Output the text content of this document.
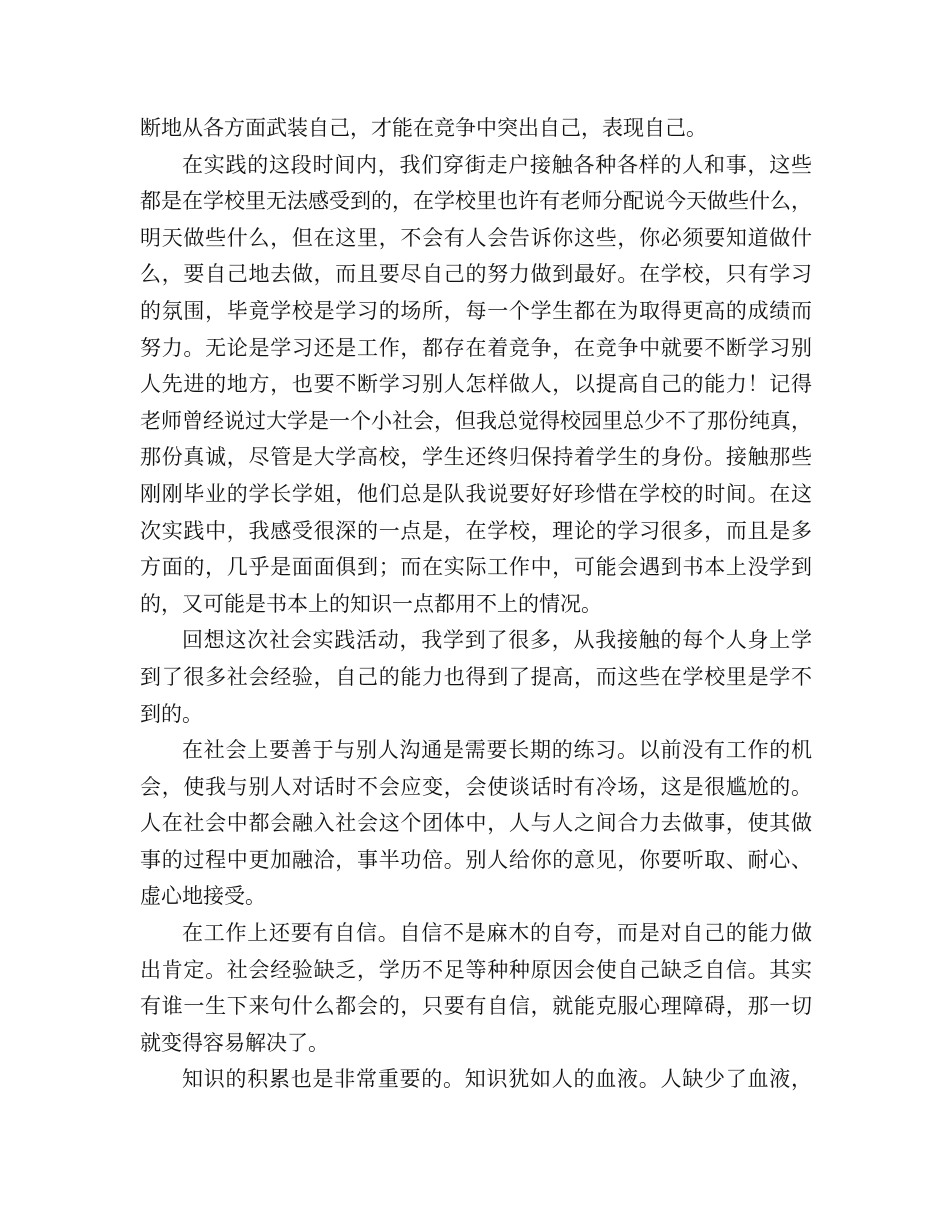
断地从各方面武装自己，才能在竞争中突出自己，表现自己。
在实践的这段时间内，我们穿街走户接触各种各样的人和事，这些
都是在学校里无法感受到的，在学校里也许有老师分配说今天做些什么，
明天做些什么，但在这里，不会有人会告诉你这些，你必须要知道做什
么，要自己地去做，而且要尽自己的努力做到最好。在学校，只有学习
的氛围，毕竟学校是学习的场所，每一个学生都在为取得更高的成绩而
努力。无论是学习还是工作，都存在着竞争，在竞争中就要不断学习别
人先进的地方，也要不断学习别人怎样做人，以提高自己的能力！记得
老师曾经说过大学是一个小社会，但我总觉得校园里总少不了那份纯真，
那份真诚，尽管是大学高校，学生还终归保持着学生的身份。接触那些
刚刚毕业的学长学姐，他们总是队我说要好好珍惜在学校的时间。在这
次实践中，我感受很深的一点是，在学校，理论的学习很多，而且是多
方面的，几乎是面面俱到；而在实际工作中，可能会遇到书本上没学到
的，又可能是书本上的知识一点都用不上的情况。
回想这次社会实践活动，我学到了很多，从我接触的每个人身上学
到了很多社会经验，自己的能力也得到了提高，而这些在学校里是学不
到的。
在社会上要善于与别人沟通是需要长期的练习。以前没有工作的机
会，使我与别人对话时不会应变，会使谈话时有冷场，这是很尴尬的。
人在社会中都会融入社会这个团体中，人与人之间合力去做事，使其做
事的过程中更加融洽，事半功倍。别人给你的意见，你要听取、耐心、
虚心地接受。
在工作上还要有自信。自信不是麻木的自夸，而是对自己的能力做
出肯定。社会经验缺乏，学历不足等种种原因会使自己缺乏自信。其实
有谁一生下来句什么都会的，只要有自信，就能克服心理障碍，那一切
就变得容易解决了。
知识的积累也是非常重要的。知识犹如人的血液。人缺少了血液，
